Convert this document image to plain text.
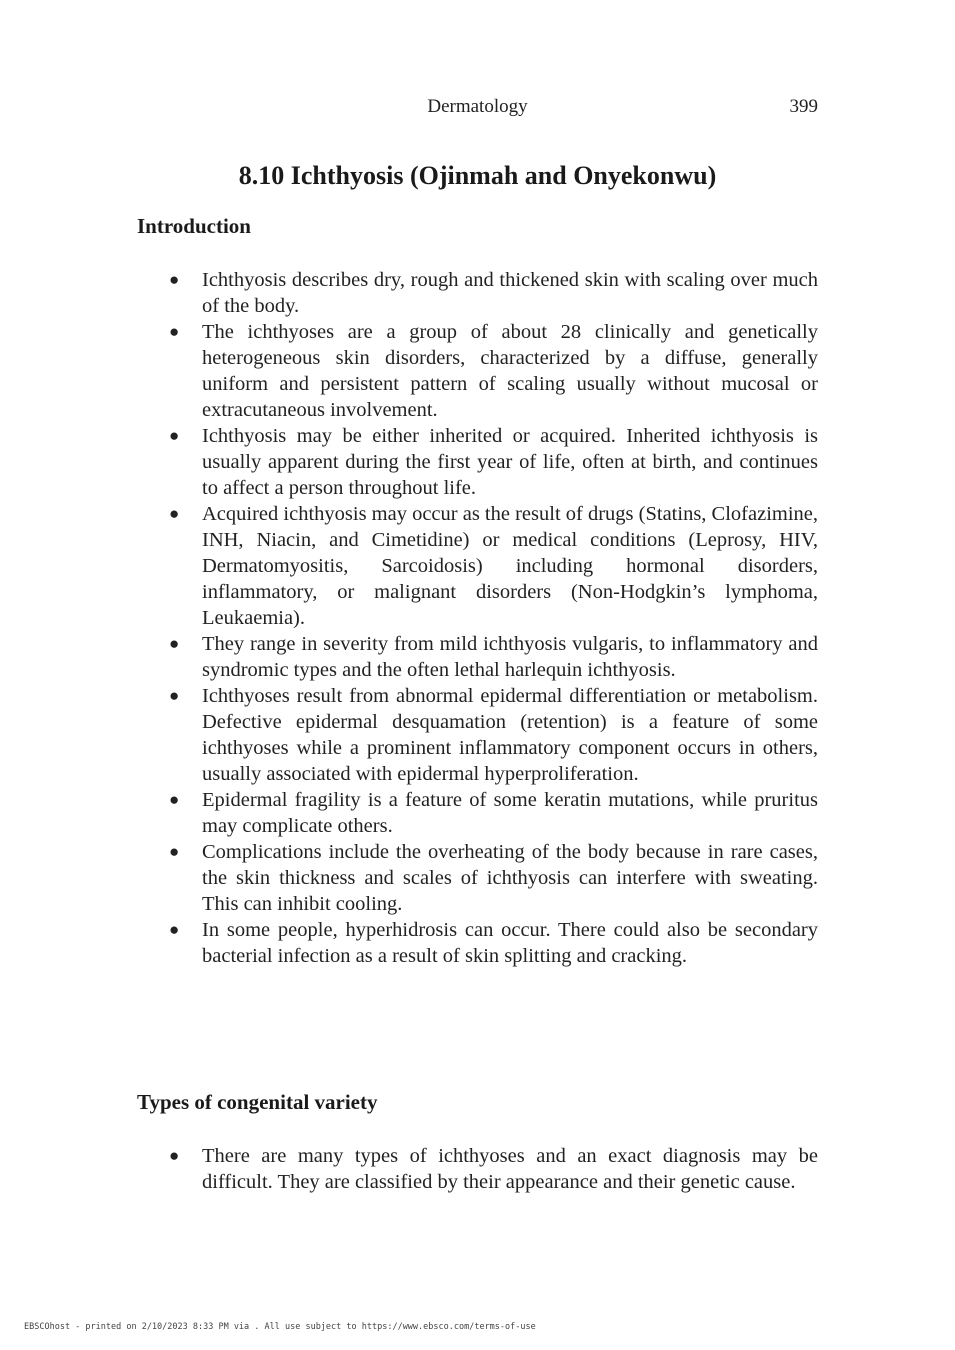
Dermatology	399
8.10 Ichthyosis (Ojinmah and Onyekonwu)
Introduction
● Ichthyosis describes dry, rough and thickened skin with scaling over much of the body.
● The ichthyoses are a group of about 28 clinically and genetically heterogeneous skin disorders, characterized by a diffuse, generally uniform and persistent pattern of scaling usually without mucosal or extracutaneous involvement.
● Ichthyosis may be either inherited or acquired. Inherited ichthyosis is usually apparent during the first year of life, often at birth, and continues to affect a person throughout life.
● Acquired ichthyosis may occur as the result of drugs (Statins, Clofazimine, INH, Niacin, and Cimetidine) or medical conditions (Leprosy, HIV, Dermatomyositis, Sarcoidosis) including hormonal disorders, inflammatory, or malignant disorders (Non-Hodgkin’s lymphoma, Leukaemia).
● They range in severity from mild ichthyosis vulgaris, to inflammatory and syndromic types and the often lethal harlequin ichthyosis.
● Ichthyoses result from abnormal epidermal differentiation or metabolism. Defective epidermal desquamation (retention) is a feature of some ichthyoses while a prominent inflammatory component occurs in others, usually associated with epidermal hyperproliferation.
● Epidermal fragility is a feature of some keratin mutations, while pruritus may complicate others.
● Complications include the overheating of the body because in rare cases, the skin thickness and scales of ichthyosis can interfere with sweating. This can inhibit cooling.
● In some people, hyperhidrosis can occur. There could also be secondary bacterial infection as a result of skin splitting and cracking.
Types of congenital variety
● There are many types of ichthyoses and an exact diagnosis may be difficult. They are classified by their appearance and their genetic cause.
EBSCOhost - printed on 2/10/2023 8:33 PM via . All use subject to https://www.ebsco.com/terms-of-use
